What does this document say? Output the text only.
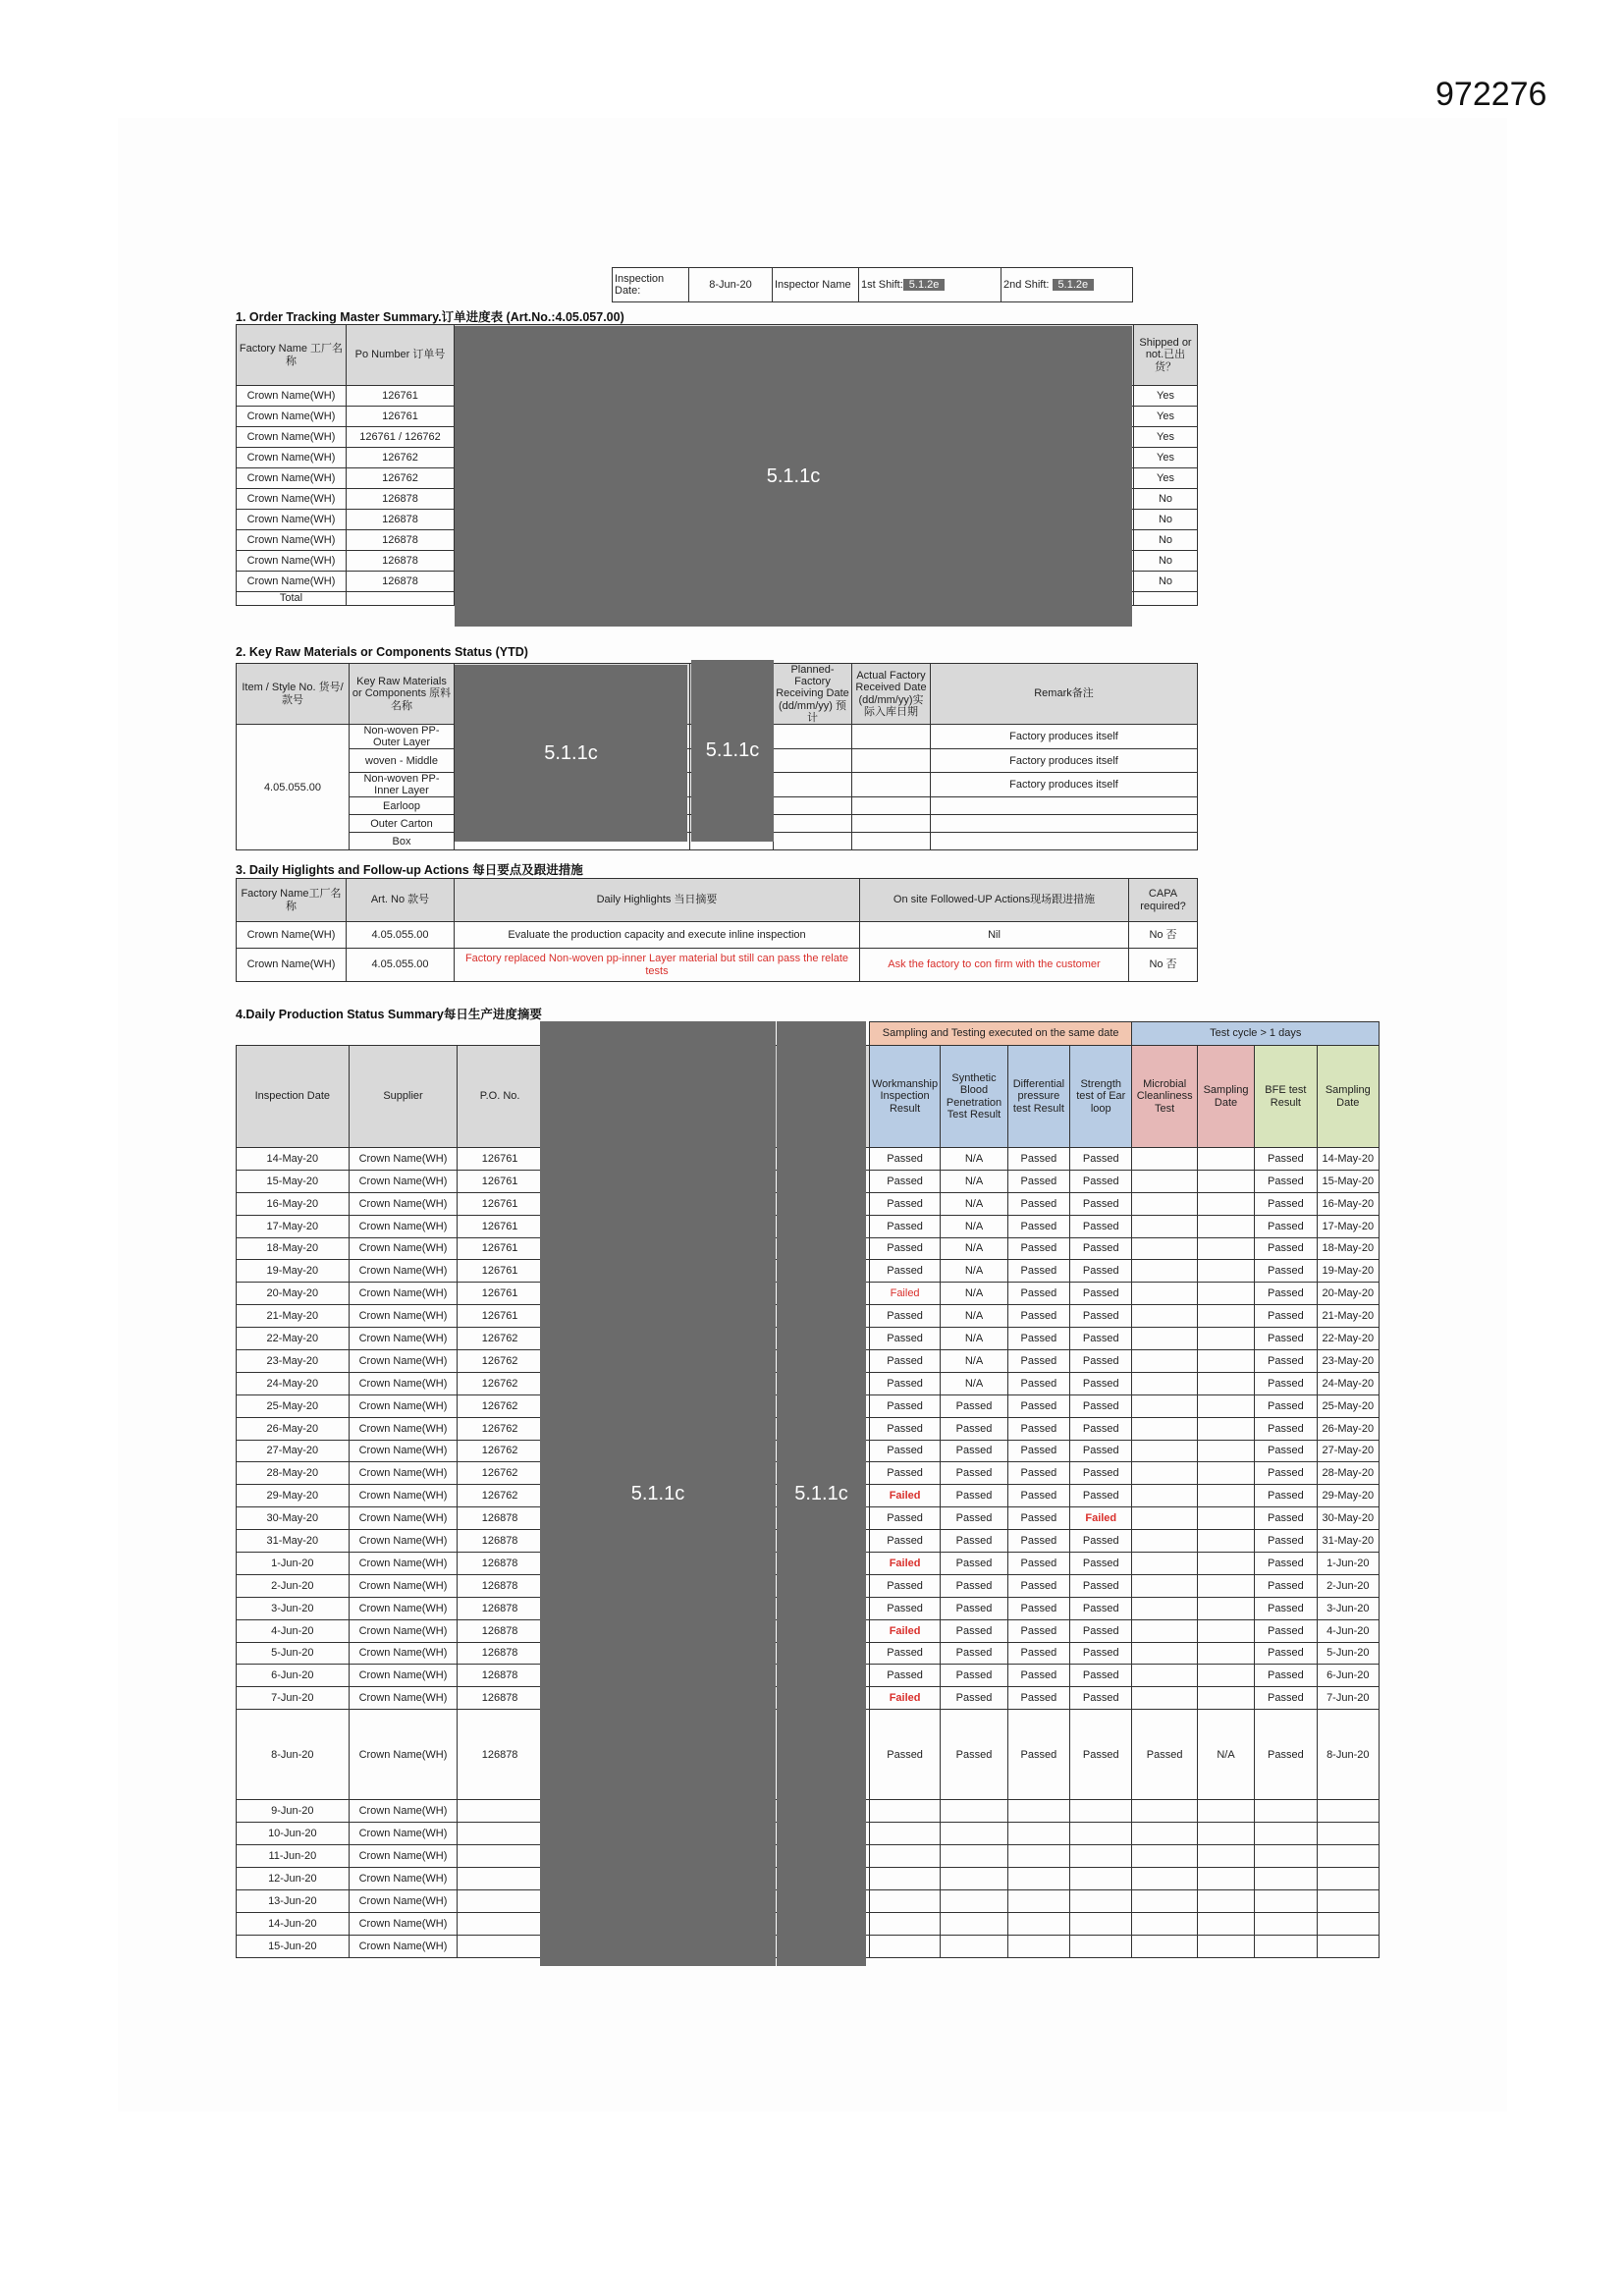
972276
Inspection Date:	8-Jun-20	Inspector Name	1st Shift: 5.1.2e	2nd Shift: 5.1.2e
1. Order Tracking Master Summary.订单进度表 (Art.No.:4.05.057.00)
Factory Name 工厂名称	Po Number 订单号		Shipped or not.已出货？
Crown Name(WH)	126761		Yes
Crown Name(WH)	126761		Yes
Crown Name(WH)	126761 / 126762		Yes
Crown Name(WH)	126762		Yes
Crown Name(WH)	126762		Yes
Crown Name(WH)	126878		No
Crown Name(WH)	126878		No
Crown Name(WH)	126878		No
Crown Name(WH)	126878		No
Crown Name(WH)	126878		No
Total			
5.1.1c
2. Key Raw Materials or Components Status (YTD)
Item / Style No. 货号/款号	Key Raw Materials or Components 原料名称			Planned-Factory Receiving Date (dd/mm/yy) 预计	Actual Factory Received Date (dd/mm/yy)实际入库日期	Remark备注
4.05.055.00	Non-woven PP-Outer Layer					Factory produces itself
	woven - Middle					Factory produces itself
	Non-woven PP-Inner Layer					Factory produces itself
	Earloop					
	Outer Carton					
	Box					
5.1.1c	5.1.1c
3. Daily Higlights and Follow-up Actions 每日要点及跟进措施
Factory Name工厂名称	Art. No 款号	Daily Highlights 当日摘要	On site Followed-UP Actions现场跟进措施	CAPA required?
Crown Name(WH)	4.05.055.00	Evaluate the production capacity and execute inline inspection	Nil	No 否
Crown Name(WH)	4.05.055.00	Factory replaced Non-woven pp-inner Layer material but still can pass the relate tests	Ask the factory to con firm with the customer	No 否
4.Daily Production Status Summary每日生产进度摘要
					Sampling and Testing executed on the same date				Test cycle > 1 days			
Inspection Date	Supplier	P.O. No.			Workmanship Inspection Result	Synthetic Blood Penetration Test Result	Differential pressure test Result	Strength test of Ear loop	Microbial Cleanliness Test	Sampling Date	BFE test Result	Sampling Date
14-May-20	Crown Name(WH)	126761			Passed	N/A	Passed	Passed			Passed	14-May-20
15-May-20	Crown Name(WH)	126761			Passed	N/A	Passed	Passed			Passed	15-May-20
16-May-20	Crown Name(WH)	126761			Passed	N/A	Passed	Passed			Passed	16-May-20
17-May-20	Crown Name(WH)	126761			Passed	N/A	Passed	Passed			Passed	17-May-20
18-May-20	Crown Name(WH)	126761			Passed	N/A	Passed	Passed			Passed	18-May-20
19-May-20	Crown Name(WH)	126761			Passed	N/A	Passed	Passed			Passed	19-May-20
20-May-20	Crown Name(WH)	126761			Failed	N/A	Passed	Passed			Passed	20-May-20
21-May-20	Crown Name(WH)	126761			Passed	N/A	Passed	Passed			Passed	21-May-20
22-May-20	Crown Name(WH)	126762			Passed	N/A	Passed	Passed			Passed	22-May-20
23-May-20	Crown Name(WH)	126762			Passed	N/A	Passed	Passed			Passed	23-May-20
24-May-20	Crown Name(WH)	126762			Passed	N/A	Passed	Passed			Passed	24-May-20
25-May-20	Crown Name(WH)	126762			Passed	Passed	Passed	Passed			Passed	25-May-20
26-May-20	Crown Name(WH)	126762			Passed	Passed	Passed	Passed			Passed	26-May-20
27-May-20	Crown Name(WH)	126762			Passed	Passed	Passed	Passed			Passed	27-May-20
28-May-20	Crown Name(WH)	126762			Passed	Passed	Passed	Passed			Passed	28-May-20
29-May-20	Crown Name(WH)	126762			Failed	Passed	Passed	Passed			Passed	29-May-20
30-May-20	Crown Name(WH)	126878			Passed	Passed	Passed	Failed			Passed	30-May-20
31-May-20	Crown Name(WH)	126878			Passed	Passed	Passed	Passed			Passed	31-May-20
1-Jun-20	Crown Name(WH)	126878			Failed	Passed	Passed	Passed			Passed	1-Jun-20
2-Jun-20	Crown Name(WH)	126878			Passed	Passed	Passed	Passed			Passed	2-Jun-20
3-Jun-20	Crown Name(WH)	126878			Passed	Passed	Passed	Passed			Passed	3-Jun-20
4-Jun-20	Crown Name(WH)	126878			Failed	Passed	Passed	Passed			Passed	4-Jun-20
5-Jun-20	Crown Name(WH)	126878			Passed	Passed	Passed	Passed			Passed	5-Jun-20
6-Jun-20	Crown Name(WH)	126878			Passed	Passed	Passed	Passed			Passed	6-Jun-20
7-Jun-20	Crown Name(WH)	126878			Failed	Passed	Passed	Passed			Passed	7-Jun-20
8-Jun-20	Crown Name(WH)	126878			Passed	Passed	Passed	Passed	Passed	N/A	Passed	8-Jun-20
9-Jun-20	Crown Name(WH)											
10-Jun-20	Crown Name(WH)											
11-Jun-20	Crown Name(WH)											
12-Jun-20	Crown Name(WH)											
13-Jun-20	Crown Name(WH)											
14-Jun-20	Crown Name(WH)											
15-Jun-20	Crown Name(WH)											
5.1.1c	5.1.1c
